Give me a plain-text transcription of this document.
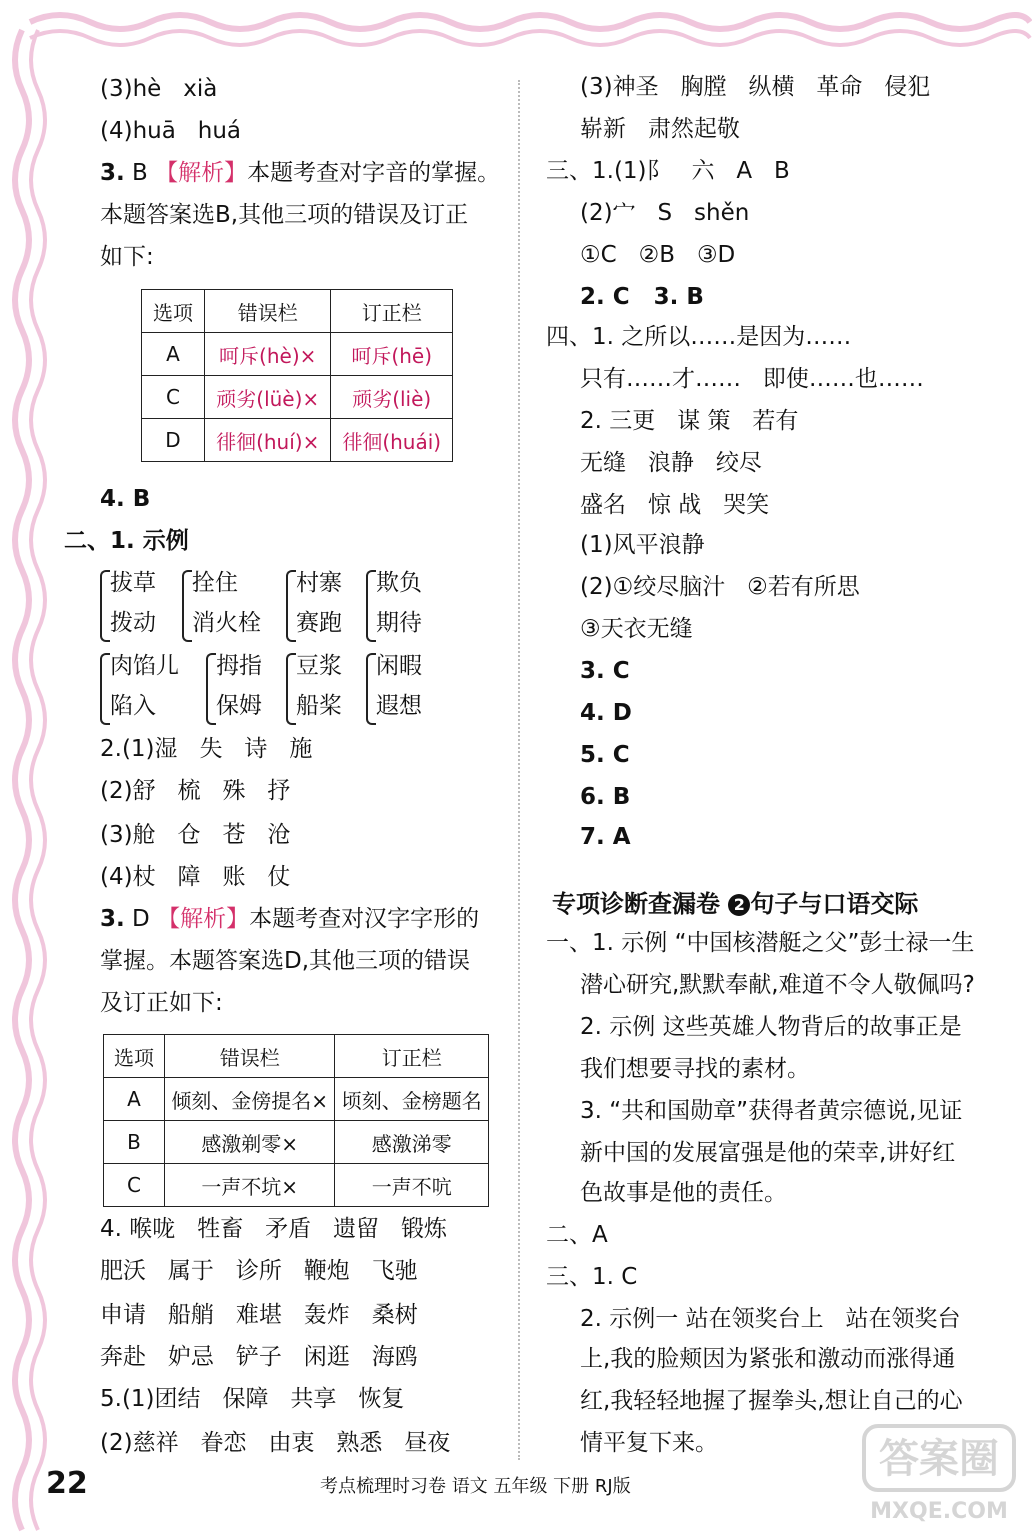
(3)hè   xià
(4)huā   huá
3. B 【解析】本题考查对字音的掌握。
本题答案选B,其他三项的错误及订正
如下:
选项	错误栏	订正栏
A	呵斥(hè)×	呵斥(hē)
C	顽劣(lüè)×	顽劣(liè)
D	徘徊(huí)×	徘徊(huái)
4. B
二、1. 示例
拔草
拨动
拴住
消火栓
村寨
赛跑
欺负
期待
肉馅儿
陷入
拇指
保姆
豆浆
船桨
闲暇
遐想
2.(1)湿   失   诗   施
(2)舒   梳   殊   抒
(3)舱   仓   苍   沧
(4)杖   障   账   仗
3. D 【解析】本题考查对汉字字形的
掌握。本题答案选D,其他三项的错误
及订正如下:
选项	错误栏	订正栏
A	倾刻、金傍提名×	顷刻、金榜题名
B	感激剃零×	感激涕零
C	一声不坑×	一声不吭
4. 喉咙   牲畜   矛盾   遗留   锻炼
肥沃   属于   诊所   鞭炮   飞驰
申请   船艄   难堪   轰炸   桑树
奔赴   妒忌   铲子   闲逛   海鸥
5.(1)团结   保障   共享   恢复
(2)慈祥   眷恋   由衷   熟悉   昼夜
(3)神圣   胸膛   纵横   革命   侵犯
崭新   肃然起敬
三、1.(1)阝   六   A   B
(2)宀   S   shěn
①C   ②B   ③D
2. C   3. B
四、1. 之所以……是因为……
只有……才……   即使……也……
2. 三更   谋 策   若有
无缝   浪静   绞尽
盛名   惊 战   哭笑
(1)风平浪静
(2)①绞尽脑汁   ②若有所思
③天衣无缝
3. C
4. D
5. C
6. B
7. A
专项诊断查漏卷 2 句子与口语交际
一、1. 示例 “中国核潜艇之父”彭士禄一生
潜心研究,默默奉献,难道不令人敬佩吗?
2. 示例 这些英雄人物背后的故事正是
我们想要寻找的素材。
3. “共和国勋章”获得者黄宗德说,见证
新中国的发展富强是他的荣幸,讲好红
色故事是他的责任。
二、A
三、1. C
2. 示例一 站在领奖台上   站在领奖台
上,我的脸颊因为紧张和激动而涨得通
红,我轻轻地握了握拳头,想让自己的心
情平复下来。
22	考点梳理时习卷 语文 五年级 下册 RJ版
答案圈
MXQE.COM
